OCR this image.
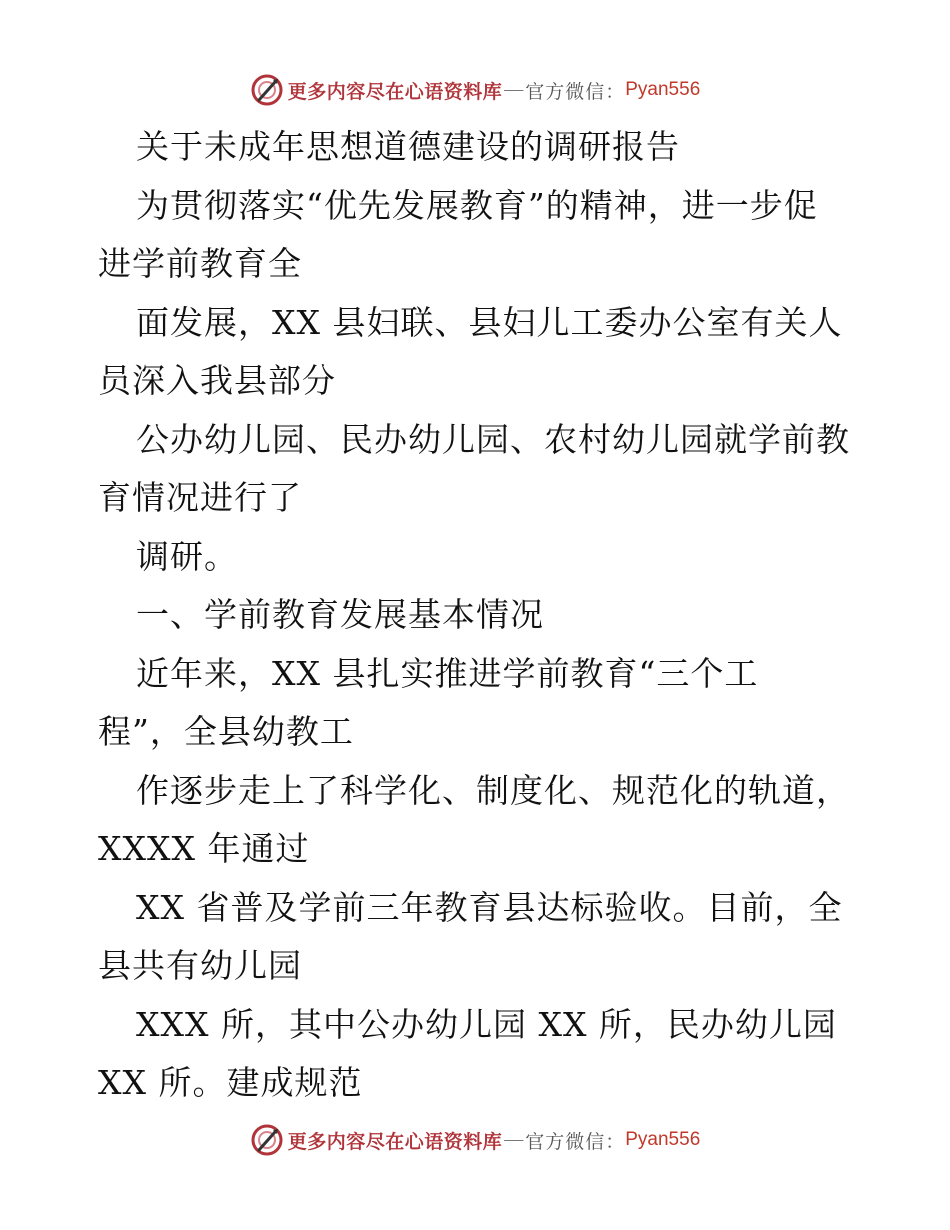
更多内容尽在心语资料库 — 官方微信： Pyan556

关于未成年思想道德建设的调研报告

为贯彻落实“优先发展教育”的精神，进一步促

进学前教育全

面发展，XX 县妇联、县妇儿工委办公室有关人

员深入我县部分

公办幼儿园、民办幼儿园、农村幼儿园就学前教

育情况进行了

调研。

一、学前教育发展基本情况

近年来，XX 县扎实推进学前教育“三个工

程”，全县幼教工

作逐步走上了科学化、制度化、规范化的轨道，

XXXX 年通过

XX 省普及学前三年教育县达标验收。目前，全

县共有幼儿园

XXX 所，其中公办幼儿园 XX 所，民办幼儿园

XX 所。建成规范

更多内容尽在心语资料库 — 官方微信： Pyan556
